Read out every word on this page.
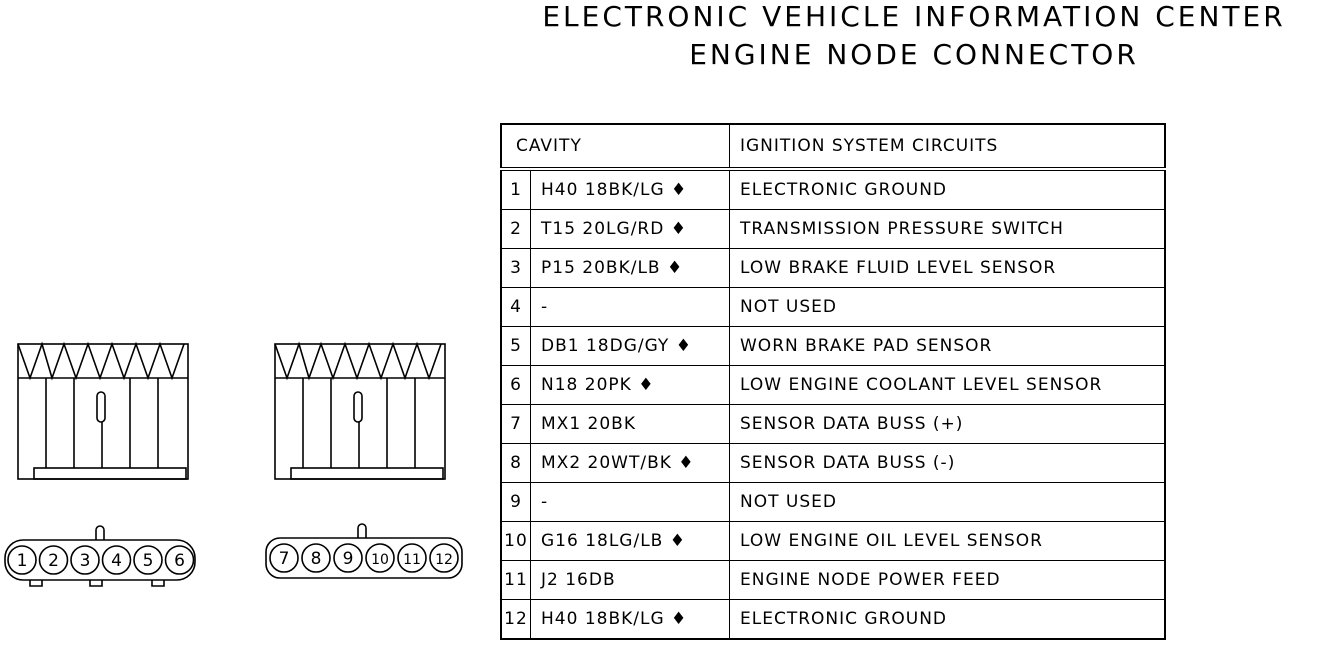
ELECTRONIC VEHICLE INFORMATION CENTER
ENGINE NODE CONNECTOR
CAVITY		IGNITION SYSTEM CIRCUITS
1	H40 18BK/LG ♦	ELECTRONIC GROUND
2	T15 20LG/RD ♦	TRANSMISSION PRESSURE SWITCH
3	P15 20BK/LB ♦	LOW BRAKE FLUID LEVEL SENSOR
4	-	NOT USED
5	DB1 18DG/GY ♦	WORN BRAKE PAD SENSOR
6	N18 20PK ♦	LOW ENGINE COOLANT LEVEL SENSOR
7	MX1 20BK	SENSOR DATA BUSS (+)
8	MX2 20WT/BK ♦	SENSOR DATA BUSS (-)
9	-	NOT USED
10	G16 18LG/LB ♦	LOW ENGINE OIL LEVEL SENSOR
11	J2 16DB	ENGINE NODE POWER FEED
12	H40 18BK/LG ♦	ELECTRONIC GROUND
1 2 3 4 5 6	7 8 9 10 11 12
